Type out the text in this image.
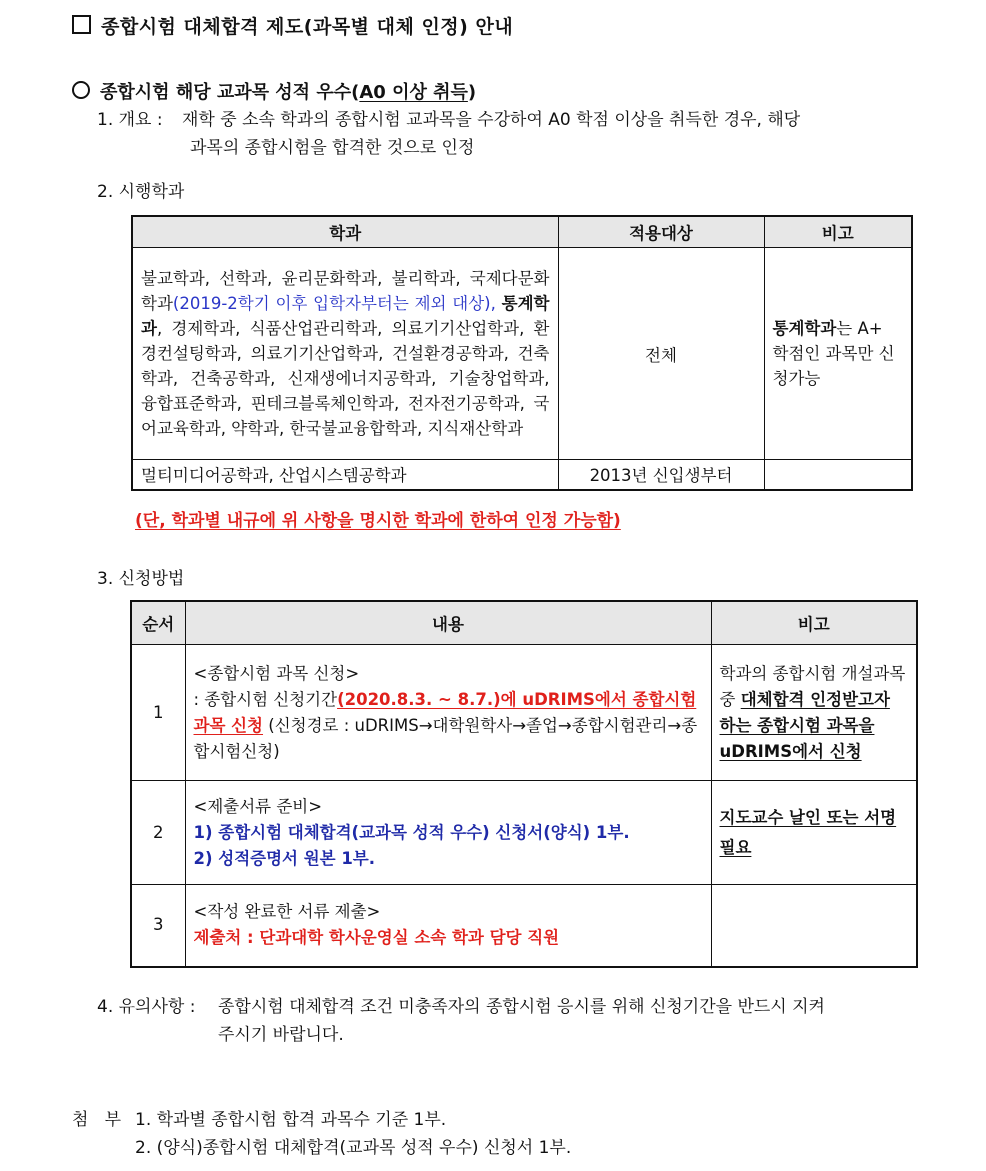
종합시험 대체합격 제도(과목별 대체 인정) 안내
종합시험 해당 교과목 성적 우수(A0 이상 취득)
1. 개요 : 재학 중 소속 학과의 종합시험 교과목을 수강하여 A0 학점 이상을 취득한 경우, 해당
과목의 종합시험을 합격한 것으로 인정
2. 시행학과
학과	적용대상	비고
불교학과, 선학과, 윤리문화학과, 불리학과, 국제다문화학과(2019-2학기 이후 입학자부터는 제외 대상), 통계학과, 경제학과, 식품산업관리학과, 의료기기산업학과, 환경컨설팅학과, 의료기기산업학과, 건설환경공학과, 건축학과, 건축공학과, 신재생에너지공학과, 기술창업학과, 융합표준학과, 핀테크블록체인학과, 전자전기공학과, 국어교육학과, 약학과, 한국불교융합학과, 지식재산학과	전체	통계학과는 A+ 학점인 과목만 신청가능
멀티미디어공학과, 산업시스템공학과	2013년 신입생부터	
(단, 학과별 내규에 위 사항을 명시한 학과에 한하여 인정 가능함)
3. 신청방법
순서	내용	비고
1	<종합시험 과목 신청>
: 종합시험 신청기간(2020.8.3. ~ 8.7.)에 uDRIMS에서 종합시험 과목 신청 (신청경로 : uDRIMS→대학원학사→졸업→종합시험관리→종합시험신청)	학과의 종합시험 개설과목 중 대체합격 인정받고자 하는 종합시험 과목을 uDRIMS에서 신청
2	<제출서류 준비>
1) 종합시험 대체합격(교과목 성적 우수) 신청서(양식) 1부.
2) 성적증명서 원본 1부.	지도교수 날인 또는 서명 필요
3	<작성 완료한 서류 제출>
제출처 : 단과대학 학사운영실 소속 학과 담당 직원	

4. 유의사항 : 종합시험 대체합격 조건 미충족자의 종합시험 응시를 위해 신청기간을 반드시 지켜
주시기 바랍니다.
첨   부 1. 학과별 종합시험 합격 과목수 기준 1부.
2. (양식)종합시험 대체합격(교과목 성적 우수) 신청서 1부.
